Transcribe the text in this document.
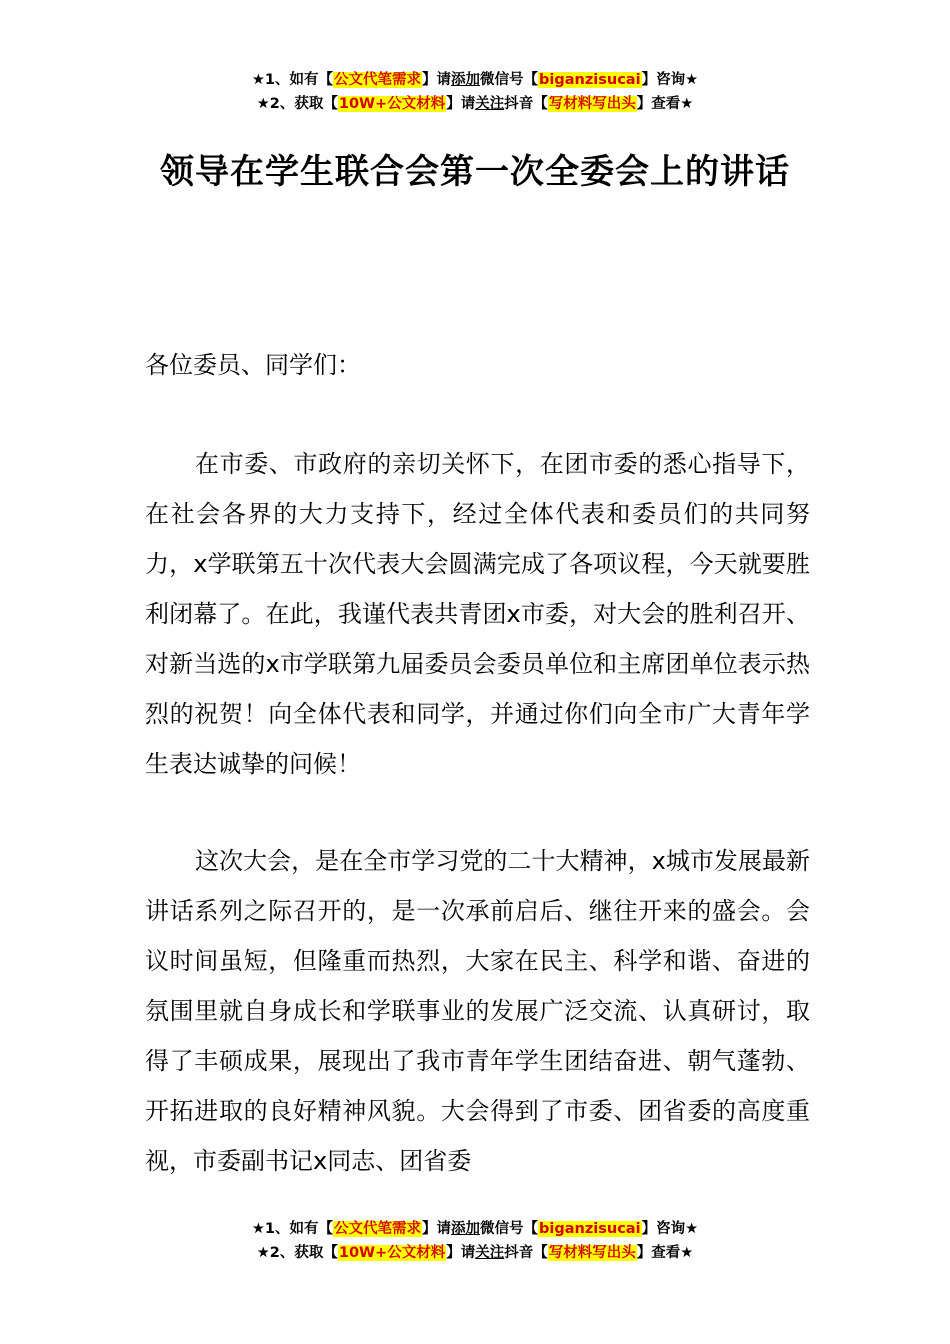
★1、如有【公文代笔需求】请添加微信号【biganzisucai】咨询★
★2、获取【10W+公文材料】请关注抖音【写材料写出头】查看★
领导在学生联合会第一次全委会上的讲话
各位委员、同学们：

在市委、市政府的亲切关怀下，在团市委的悉心指导下，在社会各界的大力支持下，经过全体代表和委员们的共同努力，x学联第五十次代表大会圆满完成了各项议程，今天就要胜利闭幕了。在此，我谨代表共青团x市委，对大会的胜利召开、对新当选的x市学联第九届委员会委员单位和主席团单位表示热烈的祝贺！向全体代表和同学，并通过你们向全市广大青年学生表达诚挚的问候！

这次大会，是在全市学习党的二十大精神，x城市发展最新讲话系列之际召开的，是一次承前启后、继往开来的盛会。会议时间虽短，但隆重而热烈，大家在民主、科学和谐、奋进的氛围里就自身成长和学联事业的发展广泛交流、认真研讨，取得了丰硕成果，展现出了我市青年学生团结奋进、朝气蓬勃、开拓进取的良好精神风貌。大会得到了市委、团省委的高度重视，市委副书记x同志、团省委

★1、如有【公文代笔需求】请添加微信号【biganzisucai】咨询★
★2、获取【10W+公文材料】请关注抖音【写材料写出头】查看★
